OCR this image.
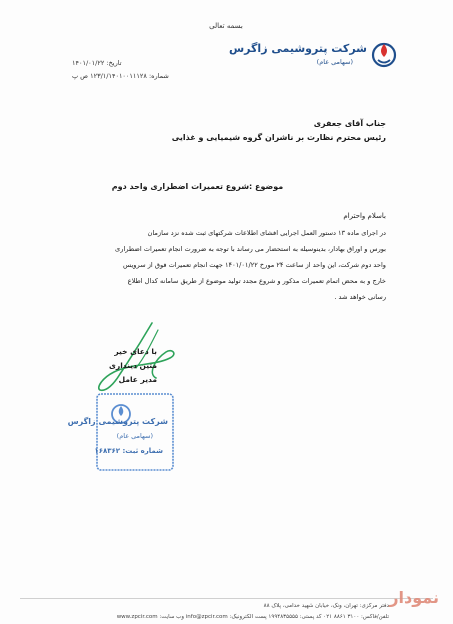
بسمه تعالی
شرکت پتروشیمی زاگرس
(سهامی عام)
تاریخ: ۱۴۰۱/۰۱/۲۲
شماره: ۱۲۳/۱/۱۴۰۱۰۰۱۱۱۲۸ ص پ
جناب آقای جعفری
رئیس محترم نظارت بر ناشران گروه شیمیایی و غذایی
موضوع :شروع تعمیرات اضطراری واحد دوم
باسلام واحترام
در اجرای ماده ۱۳ دستور العمل اجرایی افشای اطلاعات شرکتهای ثبت شده نزد سازمان
بورس و اوراق بهادار، بدینوسیله به استحضار می رساند با توجه به ضرورت انجام تعمیرات اضطراری
واحد دوم شرکت، این واحد از ساعت ۲۴ مورخ ۱۴۰۱/۰۱/۲۲ جهت انجام تعمیرات فوق از سرویس
خارج و به محض اتمام تعمیرات مذکور و شروع مجدد تولید موضوع از طریق سامانه کدال اطلاع
رسانی خواهد شد .
با دعای خیر
متین دینداری
مدیر عامل
شرکت پتروشیمی زاگرس
(سهامی عام)
شماره ثبت: ۱۶۸۳۶۲
دفتر مرکزی: تهران، ونک، خیابان شهید خدامی، پلاک ۸۸
تلفن/فاکس: ۳۱۰۰ ۸۸۶۱ ۰۲۱ کد پستی: ۱۹۹۴۸۳۵۵۵۵ پست الکترونیک: info@zpcir.com وب سایت: www.zpcir.com
نمودار
